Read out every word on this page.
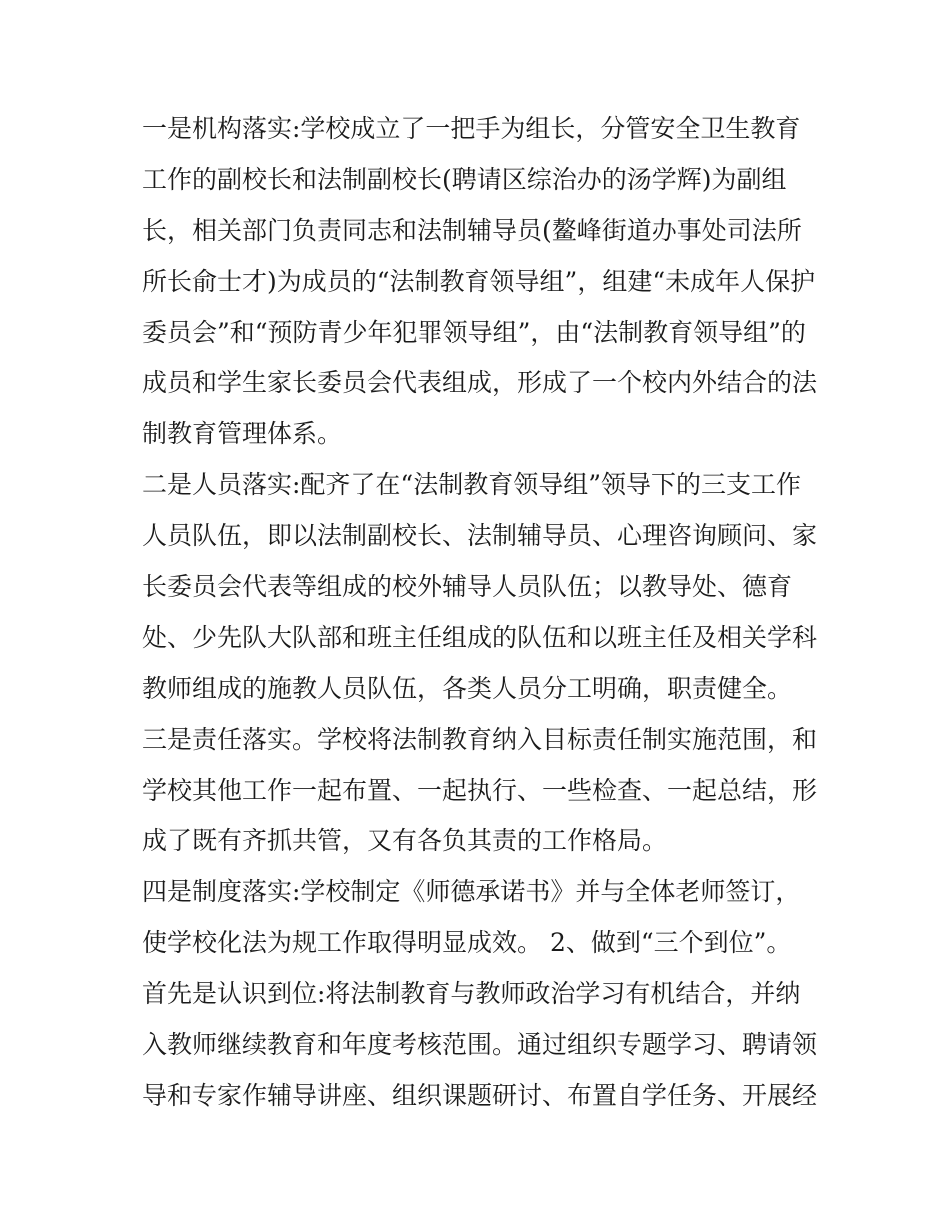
一是机构落实:学校成立了一把手为组长，分管安全卫生教育
工作的副校长和法制副校长(聘请区综治办的汤学辉)为副组
长，相关部门负责同志和法制辅导员(鳌峰街道办事处司法所
所长俞士才)为成员的“法制教育领导组”，组建“未成年人保护
委员会”和“预防青少年犯罪领导组”，由“法制教育领导组”的
成员和学生家长委员会代表组成，形成了一个校内外结合的法
制教育管理体系。
二是人员落实:配齐了在“法制教育领导组”领导下的三支工作
人员队伍，即以法制副校长、法制辅导员、心理咨询顾问、家
长委员会代表等组成的校外辅导人员队伍；以教导处、德育
处、少先队大队部和班主任组成的队伍和以班主任及相关学科
教师组成的施教人员队伍，各类人员分工明确，职责健全。
三是责任落实。学校将法制教育纳入目标责任制实施范围，和
学校其他工作一起布置、一起执行、一些检查、一起总结，形
成了既有齐抓共管，又有各负其责的工作格局。
四是制度落实:学校制定《师德承诺书》并与全体老师签订，
使学校化法为规工作取得明显成效。 2、做到“三个到位”。
首先是认识到位:将法制教育与教师政治学习有机结合，并纳
入教师继续教育和年度考核范围。通过组织专题学习、聘请领
导和专家作辅导讲座、组织课题研讨、布置自学任务、开展经
